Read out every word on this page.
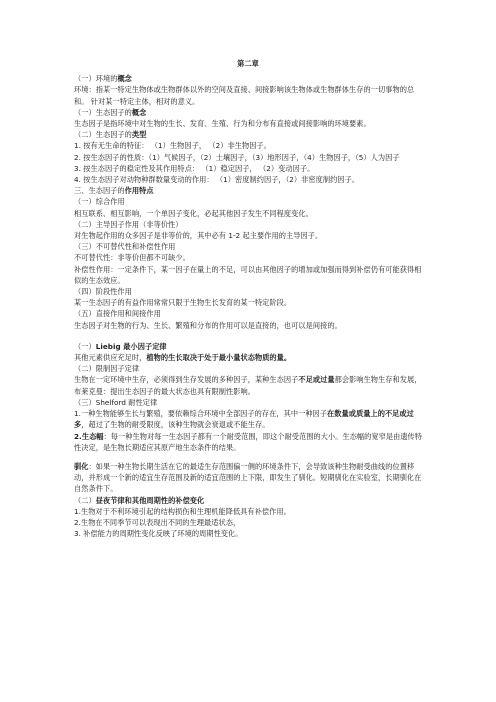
第二章

（一）环境的概念

环境：指某一特定生物体或生物群体以外的空间及直接、间接影响该生物体或生物群体生存的一切事物的总和。 针对某一特定主体，相对的意义。

（一）生态因子的概念

生态因子是指环境中对生物的生长、发育、生殖、行为和分布有直接或间接影响的环境要素。

（二）生态因子的类型

1. 按有无生命的特征： （1）生物因子， （2）非生物因子。

2. 按生态因子的性质：（1）气候因子，（2）土壤因子，（3）地形因子，（4）生物因子，（5）人为因子

3. 按生态因子的稳定性及其作用特点： （1）稳定因子， （2）变动因子。

4. 按生态因子对动物种群数量变动的作用： （1）密度制约因子，（2）非密度制约因子。

三、生态因子的作用特点

（一）综合作用

相互联系、相互影响，一个单因子变化，必起其他因子发生不同程度变化。

（二）主导因子作用（非等价性）

对生物起作用的众多因子是非等价的，其中必有 1-2 起主要作用的主导因子。

（三）不可替代性和补偿性作用

不可替代性：非等价但都不可缺少。

补偿性作用：一定条件下，某一因子在量上的不足，可以由其他因子的增加或加强而得到补偿仍有可能获得相似的生态效应。

（四）阶段性作用

某一生态因子的有益作用常常只限于生物生长发育的某一特定阶段。

（五）直接作用和间接作用

生态因子对生物的行为、生长、繁殖和分布的作用可以是直接的，也可以是间接的。

（一）Liebig 最小因子定律

其他元素供应充足时，植物的生长取决于处于最小量状态物质的量。

（二）限制因子定律

生物在一定环境中生存，必须得到生存发展的多种因子，某种生态因子不足或过量都会影响生物生存和发展， 布莱克曼：提出生态因子的最大状态也具有限制性影响。

（三）Shelford 耐性定律

1.一种生物能够生长与繁殖，要依赖综合环境中全部因子的存在，其中一种因子在数量或质量上的不足或过多，超过了生物的耐受限度，该种生物就会衰退或不能生存。

2.生态幅：每一种生物对每一生态因子都有一个耐受范围，即这个耐受范围的大小。生态幅的宽窄是由遗传特性决定，是生物长期适应其原产地生态条件的结果。

驯化：如果一种生物长期生活在它的最适生存范围偏一侧的环境条件下，会导致该种生物耐受曲线的位置移动，并形成一个新的适宜生存范围及新的适宜范围的上下限，即发生了驯化。短期驯化在实验室，长期驯化在自然条件下。

（二）昼夜节律和其他周期性的补偿变化

1.生物对于不利环境引起的结构损伤和生理机能降低具有补偿作用。

2.生物在不同季节可以表现出不同的生理最适状态，

3. 补偿能力的周期性变化反映了环境的周期性变化。
